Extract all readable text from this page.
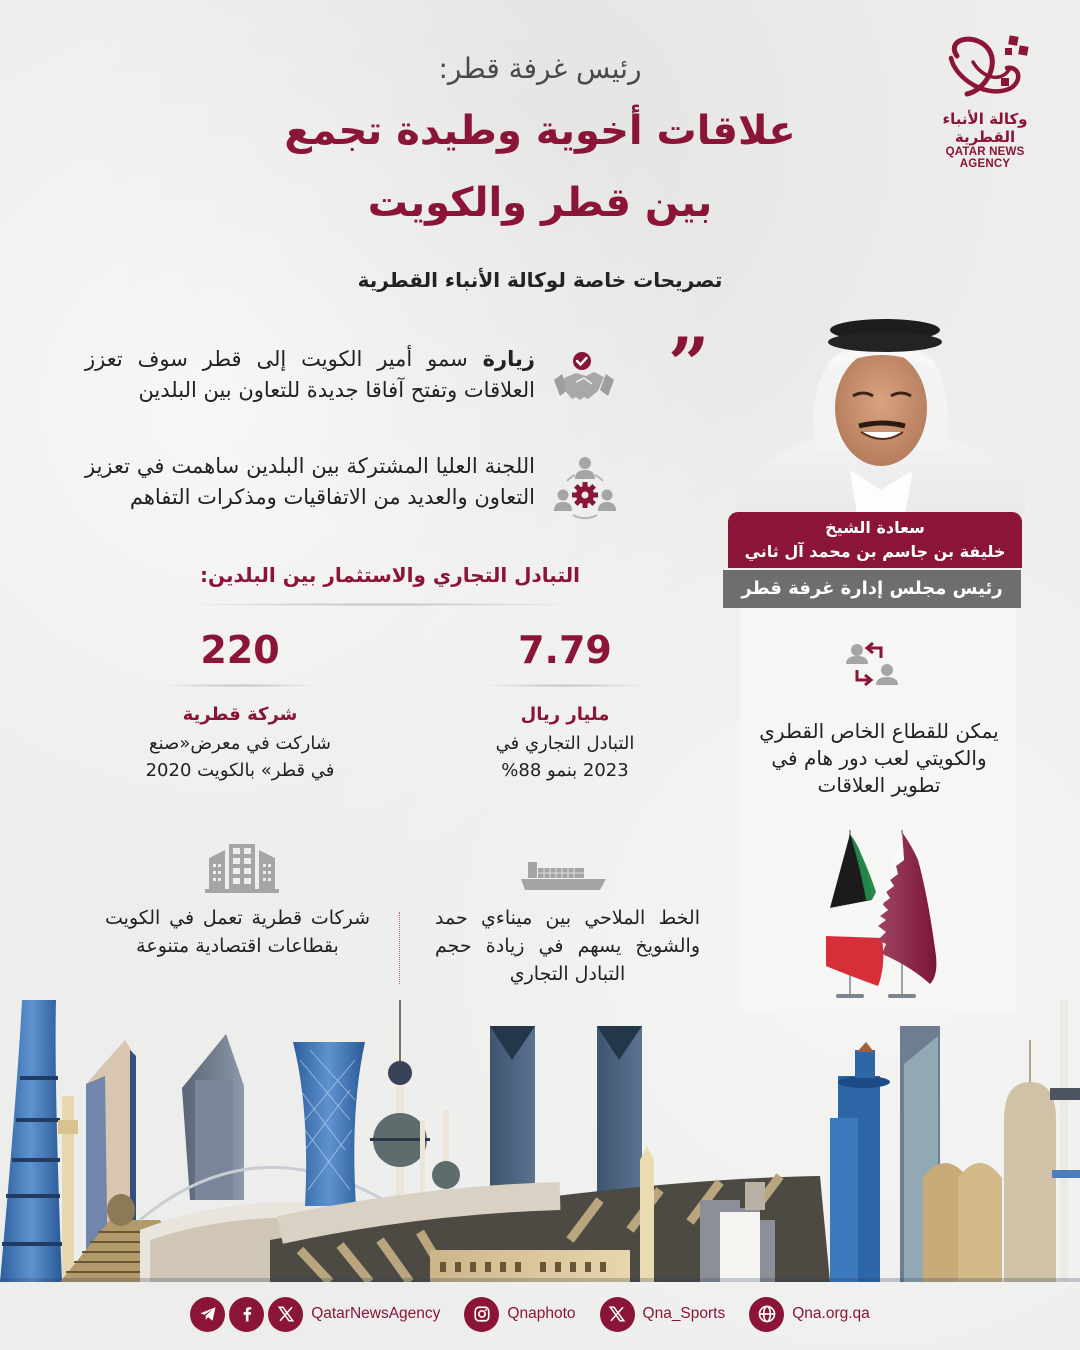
وكالة الأنباء القطرية
QATAR NEWS AGENCY
رئيس غرفة قطر:
علاقات أخوية وطيدة تجمع
بين قطر والكويت
تصريحات خاصة لوكالة الأنباء القطرية
”
زيارة سمو أمير الكويت إلى قطر سوف تعزز العلاقات وتفتح آفاقا جديدة للتعاون بين البلدين
اللجنة العليا المشتركة بين البلدين ساهمت في تعزيز التعاون والعديد من الاتفاقيات ومذكرات التفاهم
سعادة الشيخ
خليفة بن جاسم بن محمد آل ثاني
رئيس مجلس إدارة غرفة قطر
يمكن للقطاع الخاص القطري والكويتي لعب دور هام في تطوير العلاقات
التبادل التجاري والاستثمار بين البلدين:
7.79
مليار ريال
التبادل التجاري في
2023 بنمو 88%
220
شركة قطرية
شاركت في معرض«صنع
في قطر» بالكويت 2020
الخط الملاحي بين ميناءي حمد والشويخ يسهم في زيادة حجم التبادل التجاري
شركات قطرية تعمل في الكويت بقطاعات اقتصادية متنوعة
QatarNewsAgency	Qnaphoto	Qna_Sports	Qna.org.qa
